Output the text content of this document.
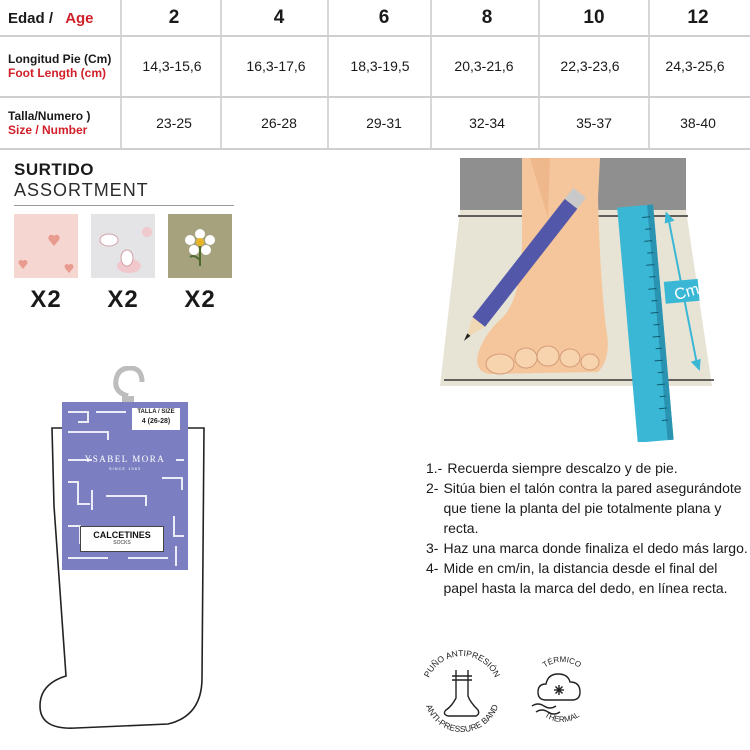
Edad / Age	2	4	6	8	10	12
Longitud Pie (Cm)
Foot Length (cm)	14,3-15,6	16,3-17,6	18,3-19,5	20,3-21,6	22,3-23,6	24,3-25,6
Talla/Numero )
Size / Number	23-25	26-28	29-31	32-34	35-37	38-40
SURTIDO
ASSORTMENT
X2	X2	X2
TALLA / SIZE
4 (26-28)
YSABEL MORA
SINCE 1983
CALCETINES
SOCKS
Cm
1.- Recuerda siempre descalzo y de pie.
2- Sitúa bien el talón contra la pared asegurándote que tiene la planta del pie totalmente plana y recta.
3- Haz una marca donde finaliza el dedo más largo.
4- Mide en cm/in, la distancia desde el final del papel hasta la marca del dedo, en línea recta.
PUÑO ANTIPRESIÓN
ANTI-PRESSURE BAND
TÉRMICO
THERMAL
